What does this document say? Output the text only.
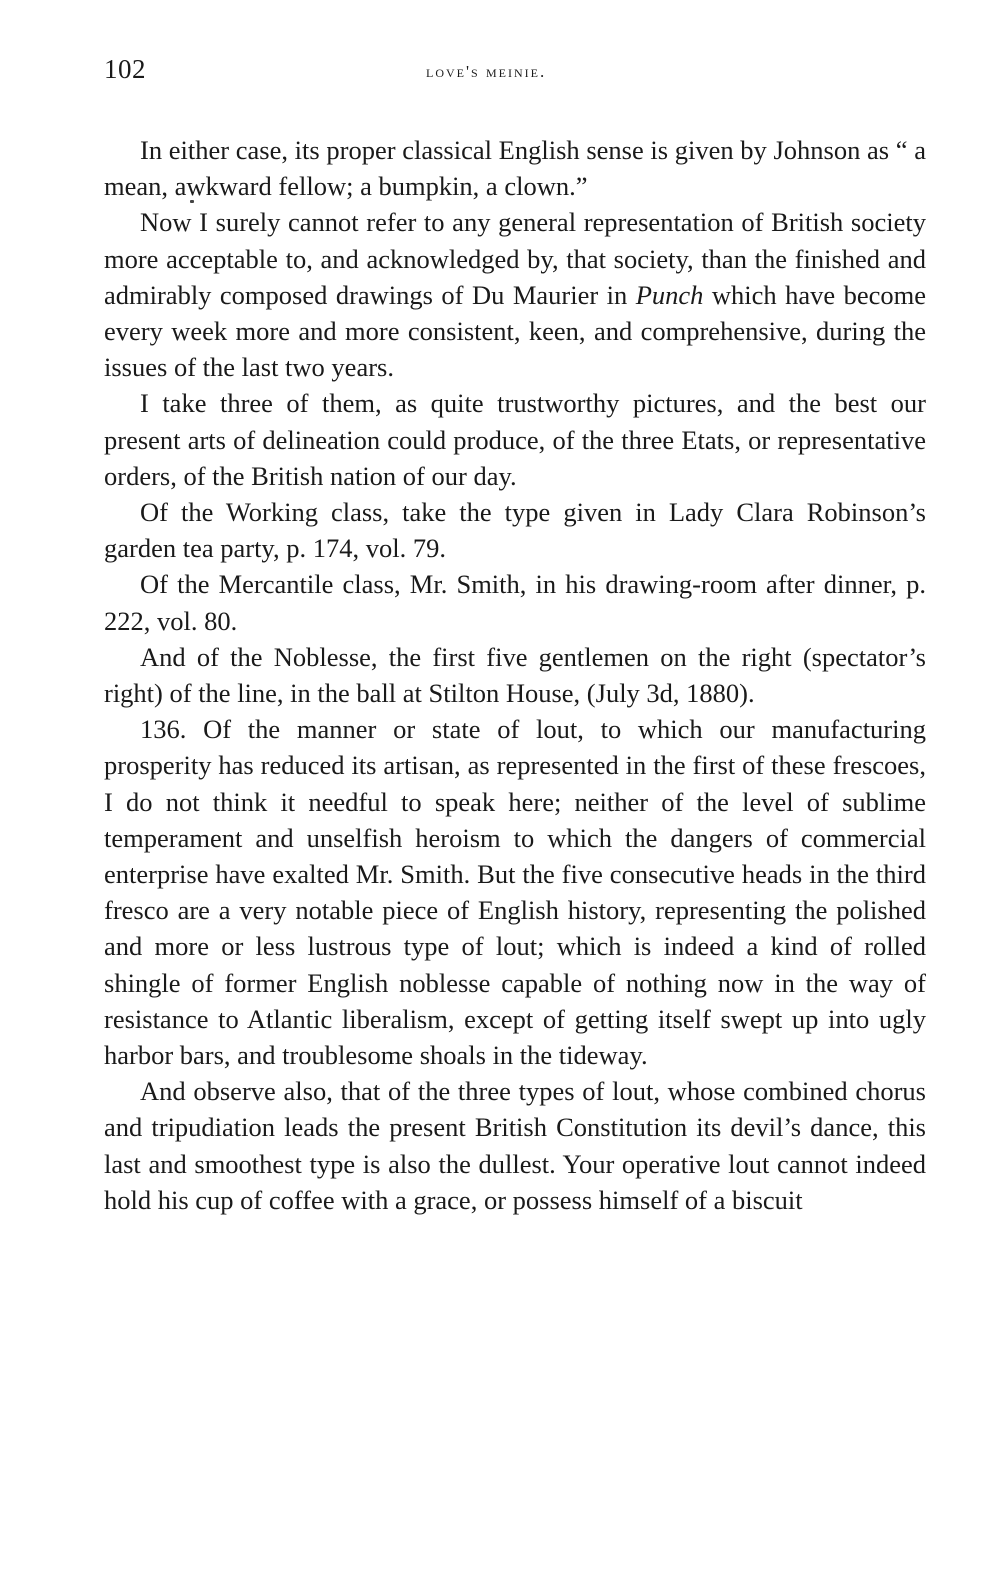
102	love's meinie.

In either case, its proper classical English sense is given by Johnson as “ a mean, awkward fellow; a bumpkin, a clown.”

Now I surely cannot refer to any general representation of British society more acceptable to, and acknowledged by, that society, than the finished and admirably composed drawings of Du Maurier in Punch which have become every week more and more consistent, keen, and comprehensive, during the issues of the last two years.

I take three of them, as quite trustworthy pictures, and the best our present arts of delineation could produce, of the three Etats, or representative orders, of the British nation of our day.

Of the Working class, take the type given in Lady Clara Robinson’s garden tea party, p. 174, vol. 79.

Of the Mercantile class, Mr. Smith, in his drawing-room after dinner, p. 222, vol. 80.

And of the Noblesse, the first five gentlemen on the right (spectator’s right) of the line, in the ball at Stilton House, (July 3d, 1880).

136. Of the manner or state of lout, to which our manufacturing prosperity has reduced its artisan, as represented in the first of these frescoes, I do not think it needful to speak here; neither of the level of sublime temperament and unselfish heroism to which the dangers of commercial enterprise have exalted Mr. Smith. But the five consecutive heads in the third fresco are a very notable piece of English history, representing the polished and more or less lustrous type of lout; which is indeed a kind of rolled shingle of former English noblesse capable of nothing now in the way of resistance to Atlantic liberalism, except of getting itself swept up into ugly harbor bars, and troublesome shoals in the tideway.

And observe also, that of the three types of lout, whose combined chorus and tripudiation leads the present British Constitution its devil’s dance, this last and smoothest type is also the dullest. Your operative lout cannot indeed hold his cup of coffee with a grace, or possess himself of a biscuit
